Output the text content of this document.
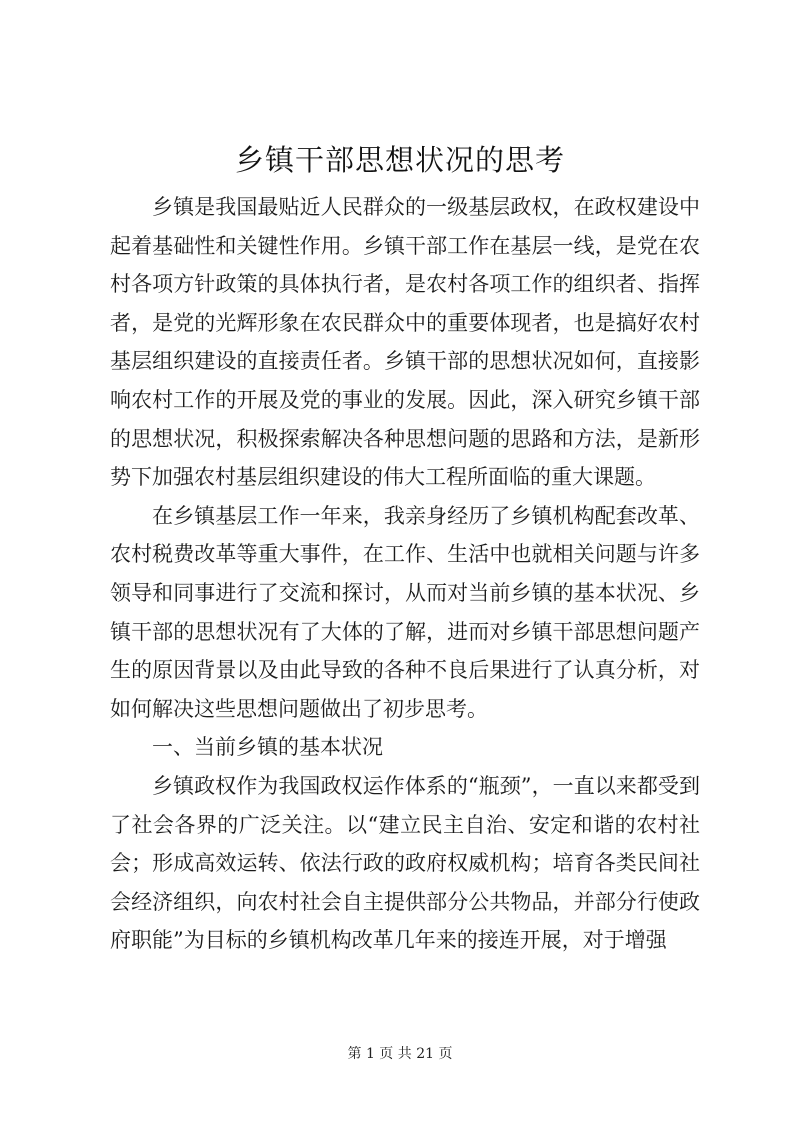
乡镇干部思想状况的思考

乡镇是我国最贴近人民群众的一级基层政权，在政权建设中起着基础性和关键性作用。乡镇干部工作在基层一线，是党在农村各项方针政策的具体执行者，是农村各项工作的组织者、指挥者，是党的光辉形象在农民群众中的重要体现者，也是搞好农村基层组织建设的直接责任者。乡镇干部的思想状况如何，直接影响农村工作的开展及党的事业的发展。因此，深入研究乡镇干部的思想状况，积极探索解决各种思想问题的思路和方法，是新形势下加强农村基层组织建设的伟大工程所面临的重大课题。

在乡镇基层工作一年来，我亲身经历了乡镇机构配套改革、农村税费改革等重大事件，在工作、生活中也就相关问题与许多领导和同事进行了交流和探讨，从而对当前乡镇的基本状况、乡镇干部的思想状况有了大体的了解，进而对乡镇干部思想问题产生的原因背景以及由此导致的各种不良后果进行了认真分析，对如何解决这些思想问题做出了初步思考。

一、当前乡镇的基本状况

乡镇政权作为我国政权运作体系的“瓶颈”，一直以来都受到了社会各界的广泛关注。以“建立民主自治、安定和谐的农村社会；形成高效运转、依法行政的政府权威机构；培育各类民间社会经济组织，向农村社会自主提供部分公共物品，并部分行使政府职能”为目标的乡镇机构改革几年来的接连开展，对于增强

第 1 页 共 21 页
